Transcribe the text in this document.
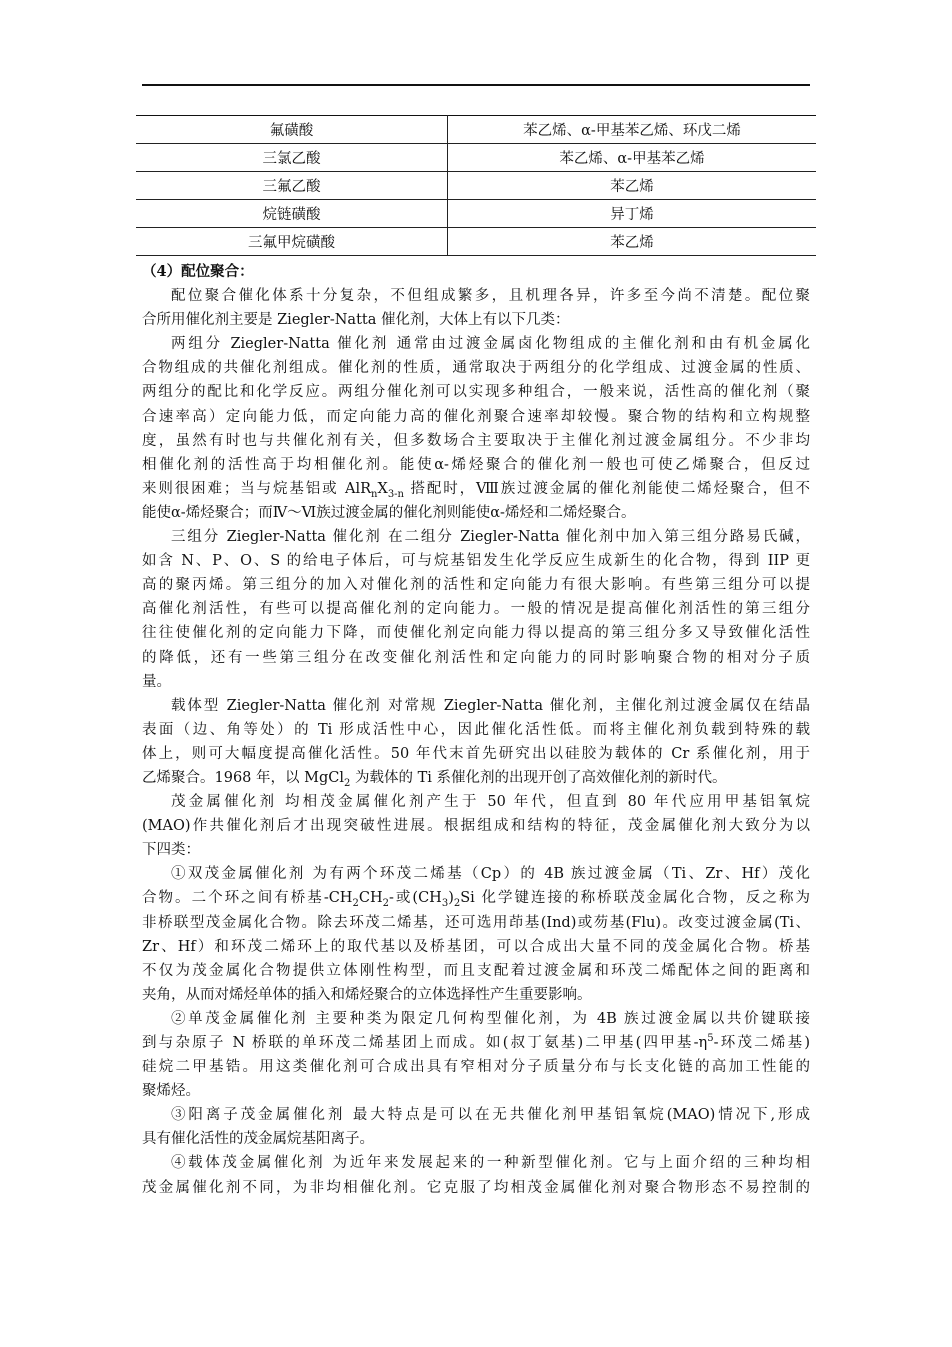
氟磺酸	苯乙烯、α-甲基苯乙烯、环戊二烯
三氯乙酸	苯乙烯、α-甲基苯乙烯
三氟乙酸	苯乙烯
烷链磺酸	异丁烯
三氟甲烷磺酸	苯乙烯
（4）配位聚合：
配位聚合催化体系十分复杂，不但组成繁多，且机理各异，许多至今尚不清楚。配位聚
合所用催化剂主要是 Ziegler-Natta 催化剂，大体上有以下几类：
两组分 Ziegler-Natta 催化剂 通常由过渡金属卤化物组成的主催化剂和由有机金属化
合物组成的共催化剂组成。催化剂的性质，通常取决于两组分的化学组成、过渡金属的性质、
两组分的配比和化学反应。两组分催化剂可以实现多种组合，一般来说，活性高的催化剂（聚
合速率高）定向能力低，而定向能力高的催化剂聚合速率却较慢。聚合物的结构和立构规整
度，虽然有时也与共催化剂有关，但多数场合主要取决于主催化剂过渡金属组分。不少非均
相催化剂的活性高于均相催化剂。能使α-烯烃聚合的催化剂一般也可使乙烯聚合，但反过
来则很困难；当与烷基铝或 $AlR_nX_{3-n}$ 搭配时，Ⅷ族过渡金属的催化剂能使二烯烃聚合，但不
能使α-烯烃聚合；而Ⅳ～Ⅵ族过渡金属的催化剂则能使α-烯烃和二烯烃聚合。
三组分 Ziegler-Natta 催化剂 在二组分 Ziegler-Natta 催化剂中加入第三组分路易氏碱，
如含 N、P、O、S 的给电子体后，可与烷基铝发生化学反应生成新生的化合物，得到 IIP 更
高的聚丙烯。第三组分的加入对催化剂的活性和定向能力有很大影响。有些第三组分可以提
高催化剂活性，有些可以提高催化剂的定向能力。一般的情况是提高催化剂活性的第三组分
往往使催化剂的定向能力下降，而使催化剂定向能力得以提高的第三组分多又导致催化活性
的降低，还有一些第三组分在改变催化剂活性和定向能力的同时影响聚合物的相对分子质
量。
载体型 Ziegler-Natta 催化剂 对常规 Ziegler-Natta 催化剂，主催化剂过渡金属仅在结晶
表面（边、角等处）的 Ti 形成活性中心，因此催化活性低。而将主催化剂负载到特殊的载
体上，则可大幅度提高催化活性。50 年代末首先研究出以硅胶为载体的 Cr 系催化剂，用于
乙烯聚合。1968 年，以 MgCl$_2$ 为载体的 Ti 系催化剂的出现开创了高效催化剂的新时代。
茂金属催化剂 均相茂金属催化剂产生于 50 年代，但直到 80 年代应用甲基铝氧烷
(MAO)作共催化剂后才出现突破性进展。根据组成和结构的特征，茂金属催化剂大致分为以
下四类：
①双茂金属催化剂 为有两个环茂二烯基（Cp）的 4B 族过渡金属（Ti、Zr、Hf）茂化
合物。二个环之间有桥基$-CH_2CH_2-$或$(CH_3)_2Si$ 化学键连接的称桥联茂金属化合物，反之称为
非桥联型茂金属化合物。除去环茂二烯基，还可选用茚基(Ind)或芴基(Flu)。改变过渡金属(Ti、
Zr、Hf）和环茂二烯环上的取代基以及桥基团，可以合成出大量不同的茂金属化合物。桥基
不仅为茂金属化合物提供立体刚性构型，而且支配着过渡金属和环茂二烯配体之间的距离和
夹角，从而对烯烃单体的插入和烯烃聚合的立体选择性产生重要影响。
②单茂金属催化剂 主要种类为限定几何构型催化剂，为 4B 族过渡金属以共价键联接
到与杂原子 N 桥联的单环茂二烯基团上而成。如(叔丁氨基)二甲基(四甲基$-\eta^5-$环茂二烯基)
硅烷二甲基锆。用这类催化剂可合成出具有窄相对分子质量分布与长支化链的高加工性能的
聚烯烃。
③阳离子茂金属催化剂 最大特点是可以在无共催化剂甲基铝氧烷(MAO)情况下,形成
具有催化活性的茂金属烷基阳离子。
④载体茂金属催化剂 为近年来发展起来的一种新型催化剂。它与上面介绍的三种均相
茂金属催化剂不同，为非均相催化剂。它克服了均相茂金属催化剂对聚合物形态不易控制的
